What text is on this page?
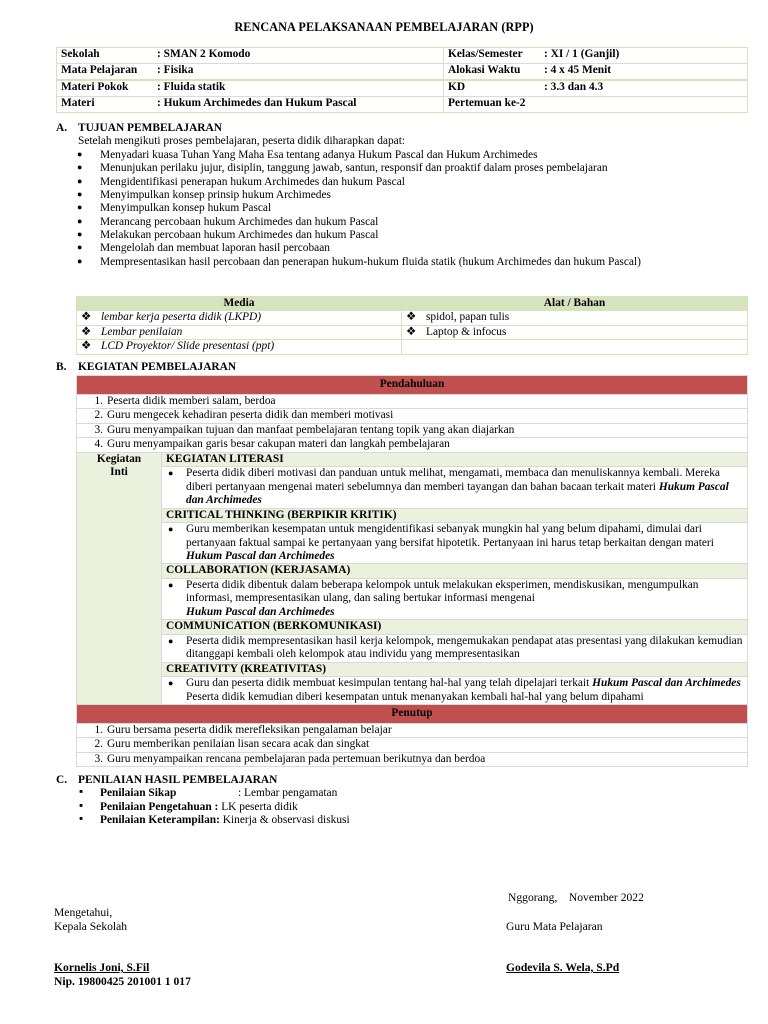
RENCANA PELAKSANAAN PEMBELAJARAN (RPP)
Sekolah : SMAN 2 Komodo	Kelas/Semester : XI / 1 (Ganjil)
Mata Pelajaran : Fisika	Alokasi Waktu : 4 x 45 Menit
Materi Pokok : Fluida statik	KD : 3.3 dan 4.3
Materi : Hukum Archimedes dan Hukum Pascal	Pertemuan ke-2
A. TUJUAN PEMBELAJARAN
Setelah mengikuti proses pembelajaran, peserta didik diharapkan dapat:
● Menyadari kuasa Tuhan Yang Maha Esa tentang adanya Hukum Pascal dan Hukum Archimedes
● Menunjukan perilaku jujur, disiplin, tanggung jawab, santun, responsif dan proaktif dalam proses pembelajaran
● Mengidentifikasi penerapan hukum Archimedes dan hukum Pascal
● Menyimpulkan konsep prinsip hukum Archimedes
● Menyimpulkan konsep hukum Pascal
● Merancang percobaan hukum Archimedes dan hukum Pascal
● Melakukan percobaan hukum Archimedes dan hukum Pascal
● Mengelolah dan membuat laporan hasil percobaan
● Mempresentasikan hasil percobaan dan penerapan hukum-hukum fluida statik (hukum Archimedes dan hukum Pascal)
Media	Alat / Bahan
❖ lembar kerja peserta didik (LKPD)	❖ spidol, papan tulis
❖ Lembar penilaian	❖ Laptop & infocus
❖ LCD Proyektor/ Slide presentasi (ppt)	
B. KEGIATAN PEMBELAJARAN
Pendahuluan
1. Peserta didik memberi salam, berdoa
2. Guru mengecek kehadiran peserta didik dan memberi motivasi
3. Guru menyampaikan tujuan dan manfaat pembelajaran tentang topik yang akan diajarkan
4. Guru menyampaikan garis besar cakupan materi dan langkah pembelajaran

Kegiatan
Inti
	KEGIATAN LITERASI
● Peserta didik diberi motivasi dan panduan untuk melihat, mengamati, membaca dan menuliskannya kembali. Mereka diberi pertanyaan mengenai materi sebelumnya dan memberi tayangan dan bahan bacaan terkait materi Hukum Pascal dan Archimedes
CRITICAL THINKING (BERPIKIR KRITIK)
● Guru memberikan kesempatan untuk mengidentifikasi sebanyak mungkin hal yang belum dipahami, dimulai dari pertanyaan faktual sampai ke pertanyaan yang bersifat hipotetik. Pertanyaan ini harus tetap berkaitan dengan materi Hukum Pascal dan Archimedes
COLLABORATION (KERJASAMA)
● Peserta didik dibentuk dalam beberapa kelompok untuk melakukan eksperimen, mendiskusikan, mengumpulkan informasi, mempresentasikan ulang, dan saling bertukar informasi mengenai
Hukum Pascal dan Archimedes
COMMUNICATION (BERKOMUNIKASI)
● Peserta didik mempresentasikan hasil kerja kelompok, mengemukakan pendapat atas presentasi yang dilakukan kemudian ditanggapi kembali oleh kelompok atau individu yang mempresentasikan
CREATIVITY (KREATIVITAS)
● Guru dan peserta didik membuat kesimpulan tentang hal-hal yang telah dipelajari terkait Hukum Pascal dan Archimedes Peserta didik kemudian diberi kesempatan untuk menanyakan kembali hal-hal yang belum dipahami
Penutup
1. Guru bersama peserta didik merefleksikan pengalaman belajar
2. Guru memberikan penilaian lisan secara acak dan singkat
3. Guru menyampaikan rencana pembelajaran pada pertemuan berikutnya dan berdoa
C. PENILAIAN HASIL PEMBELAJARAN
▪ Penilaian Sikap	: Lembar pengamatan
▪ Penilaian Pengetahuan : LK peserta didik
▪ Penilaian Keterampilan: Kinerja & observasi diskusi
Nggorang,    November 2022
Mengetahui,
Kepala Sekolah	Guru Mata Pelajaran
Kornelis Joni, S.Fil
Nip. 19800425 201001 1 017
Godevila S. Wela, S.Pd
